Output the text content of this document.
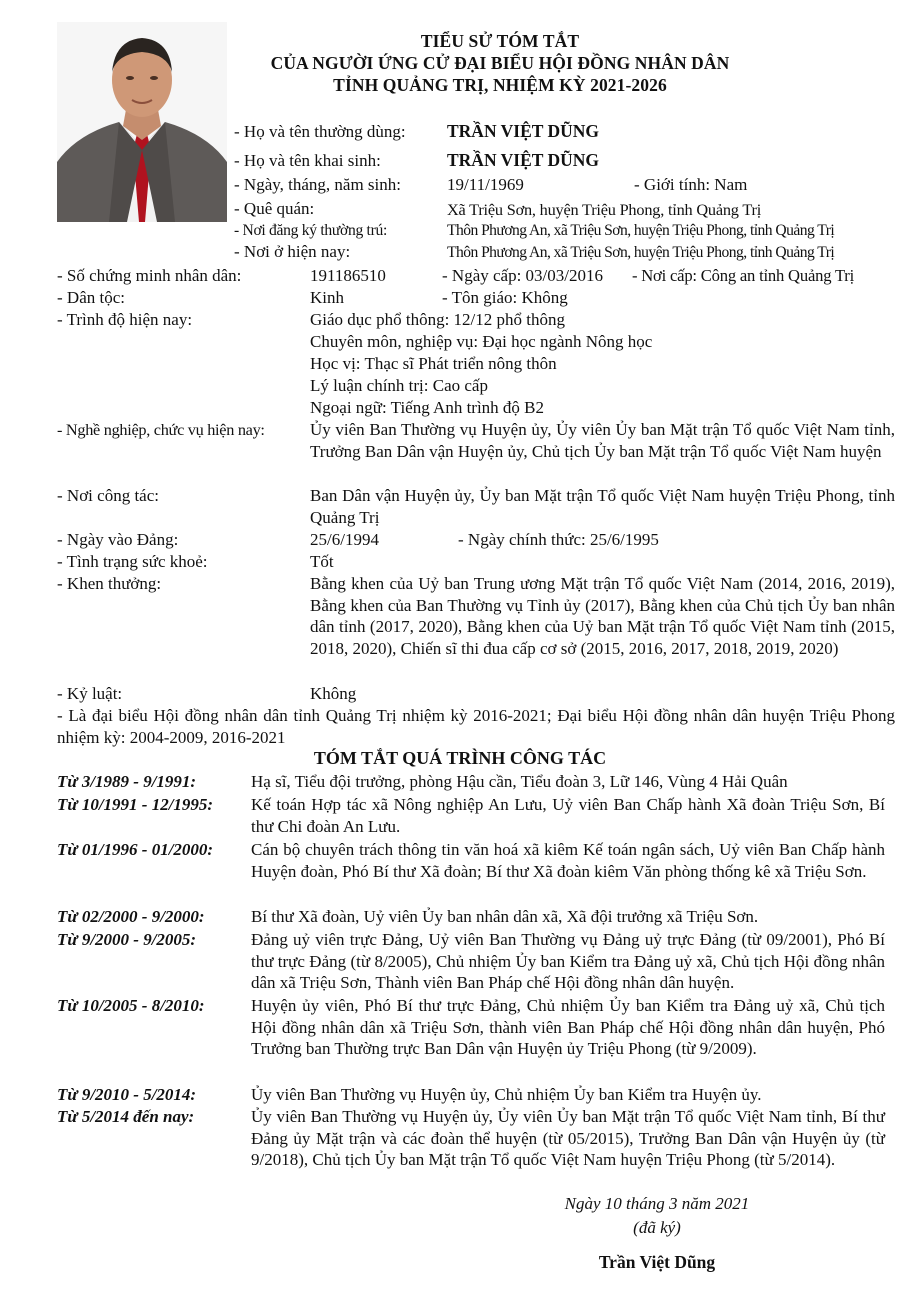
TIỂU SỬ TÓM TẮT
CỦA NGƯỜI ỨNG CỬ ĐẠI BIỂU HỘI ĐỒNG NHÂN DÂN
TỈNH QUẢNG TRỊ, NHIỆM KỲ 2021-2026
- Họ và tên thường dùng: TRẦN VIỆT DŨNG
- Họ và tên khai sinh:	TRẦN VIỆT DŨNG
- Ngày, tháng, năm sinh:	19/11/1969	- Giới tính: Nam
- Quê quán:	Xã Triệu Sơn, huyện Triệu Phong, tỉnh Quảng Trị
- Nơi đăng ký thường trú:	Thôn Phương An, xã Triệu Sơn, huyện Triệu Phong, tỉnh Quảng Trị
- Nơi ở hiện nay:	Thôn Phương An, xã Triệu Sơn, huyện Triệu Phong, tỉnh Quảng Trị
- Số chứng minh nhân dân:	191186510	- Ngày cấp: 03/03/2016 - Nơi cấp: Công an tỉnh Quảng Trị
- Dân tộc:	Kinh	- Tôn giáo: Không
- Trình độ hiện nay:	Giáo dục phổ thông: 12/12 phổ thông
Chuyên môn, nghiệp vụ: Đại học ngành Nông học
Học vị: Thạc sĩ Phát triển nông thôn
Lý luận chính trị: Cao cấp
Ngoại ngữ: Tiếng Anh trình độ B2
- Nghề nghiệp, chức vụ hiện nay:	Ủy viên Ban Thường vụ Huyện ủy, Ủy viên Ủy ban Mặt trận Tổ quốc Việt Nam tỉnh, Trưởng Ban Dân vận Huyện ủy, Chủ tịch Ủy ban Mặt trận Tổ quốc Việt Nam huyện
- Nơi công tác:	Ban Dân vận Huyện ủy, Ủy ban Mặt trận Tổ quốc Việt Nam huyện Triệu Phong, tỉnh Quảng Trị
- Ngày vào Đảng:	25/6/1994	- Ngày chính thức: 25/6/1995
- Tình trạng sức khoẻ:	Tốt
- Khen thưởng:	Bằng khen của Uỷ ban Trung ương Mặt trận Tổ quốc Việt Nam (2014, 2016, 2019), Bằng khen của Ban Thường vụ Tỉnh ủy (2017), Bằng khen của Chủ tịch Ủy ban nhân dân tỉnh (2017, 2020), Bằng khen của Uỷ ban Mặt trận Tổ quốc Việt Nam tỉnh (2015, 2018, 2020), Chiến sĩ thi đua cấp cơ sở (2015, 2016, 2017, 2018, 2019, 2020)
- Kỷ luật:	Không
- Là đại biểu Hội đồng nhân dân tỉnh Quảng Trị nhiệm kỳ 2016-2021; Đại biểu Hội đồng nhân dân huyện Triệu Phong nhiệm kỳ: 2004-2009, 2016-2021
TÓM TẮT QUÁ TRÌNH CÔNG TÁC
Từ 3/1989 - 9/1991:	Hạ sĩ, Tiểu đội trưởng, phòng Hậu cần, Tiểu đoàn 3, Lữ 146, Vùng 4 Hải Quân
Từ 10/1991 - 12/1995: Kế toán Hợp tác xã Nông nghiệp An Lưu, Uỷ viên Ban Chấp hành Xã đoàn Triệu Sơn, Bí thư Chi đoàn An Lưu.
Từ 01/1996 - 01/2000: Cán bộ chuyên trách thông tin văn hoá xã kiêm Kế toán ngân sách, Uỷ viên Ban Chấp hành Huyện đoàn, Phó Bí thư Xã đoàn; Bí thư Xã đoàn kiêm Văn phòng thống kê xã Triệu Sơn.
Từ 02/2000 - 9/2000:	Bí thư Xã đoàn, Uỷ viên Ủy ban nhân dân xã, Xã đội trưởng xã Triệu Sơn.
Từ 9/2000 - 9/2005:	Đảng uỷ viên trực Đảng, Uỷ viên Ban Thường vụ Đảng uỷ trực Đảng (từ 09/2001), Phó Bí thư trực Đảng (từ 8/2005), Chủ nhiệm Ủy ban Kiểm tra Đảng uỷ xã, Chủ tịch Hội đồng nhân dân xã Triệu Sơn, Thành viên Ban Pháp chế Hội đồng nhân dân huyện.
Từ 10/2005 - 8/2010:	Huyện ủy viên, Phó Bí thư trực Đảng, Chủ nhiệm Ủy ban Kiểm tra Đảng uỷ xã, Chủ tịch Hội đồng nhân dân xã Triệu Sơn, thành viên Ban Pháp chế Hội đồng nhân dân huyện, Phó Trưởng ban Thường trực Ban Dân vận Huyện ủy Triệu Phong (từ 9/2009).
Từ 9/2010 - 5/2014:	Ủy viên Ban Thường vụ Huyện ủy, Chủ nhiệm Ủy ban Kiểm tra Huyện ủy.
Từ 5/2014 đến nay:	Ủy viên Ban Thường vụ Huyện ủy, Ủy viên Ủy ban Mặt trận Tổ quốc Việt Nam tỉnh, Bí thư Đảng ủy Mặt trận và các đoàn thể huyện (từ 05/2015), Trưởng Ban Dân vận Huyện ủy (từ 9/2018), Chủ tịch Ủy ban Mặt trận Tổ quốc Việt Nam huyện Triệu Phong (từ 5/2014).
Ngày 10 tháng 3 năm 2021
(đã ký)
Trần Việt Dũng
